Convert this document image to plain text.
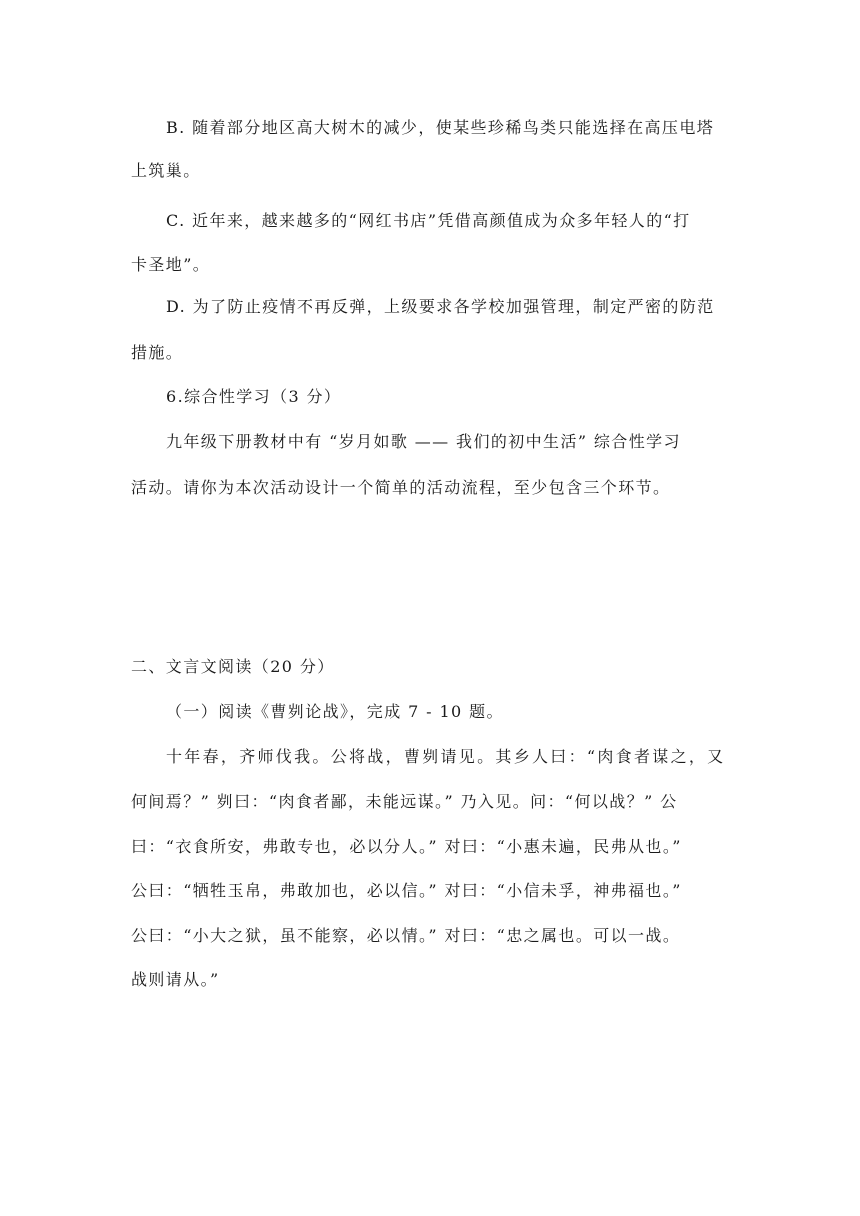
B. 随着部分地区高大树木的减少，使某些珍稀鸟类只能选择在高压电塔
上筑巢。
C. 近年来，越来越多的“网红书店”凭借高颜值成为众多年轻人的“打
卡圣地”。
D. 为了防止疫情不再反弹，上级要求各学校加强管理，制定严密的防范
措施。
6.综合性学习（3 分）
九年级下册教材中有 “岁月如歌 —— 我们的初中生活” 综合性学习
活动。请你为本次活动设计一个简单的活动流程，至少包含三个环节。
二、文言文阅读（20 分）
（一）阅读《曹刿论战》，完成 7 - 10 题。
十年春，齐师伐我。公将战，曹刿请见。其乡人曰：“肉食者谋之，又
何间焉？” 刿曰：“肉食者鄙，未能远谋。” 乃入见。问：“何以战？” 公
曰：“衣食所安，弗敢专也，必以分人。” 对曰：“小惠未遍，民弗从也。”
公曰：“牺牲玉帛，弗敢加也，必以信。” 对曰：“小信未孚，神弗福也。”
公曰：“小大之狱，虽不能察，必以情。” 对曰：“忠之属也。可以一战。
战则请从。”
